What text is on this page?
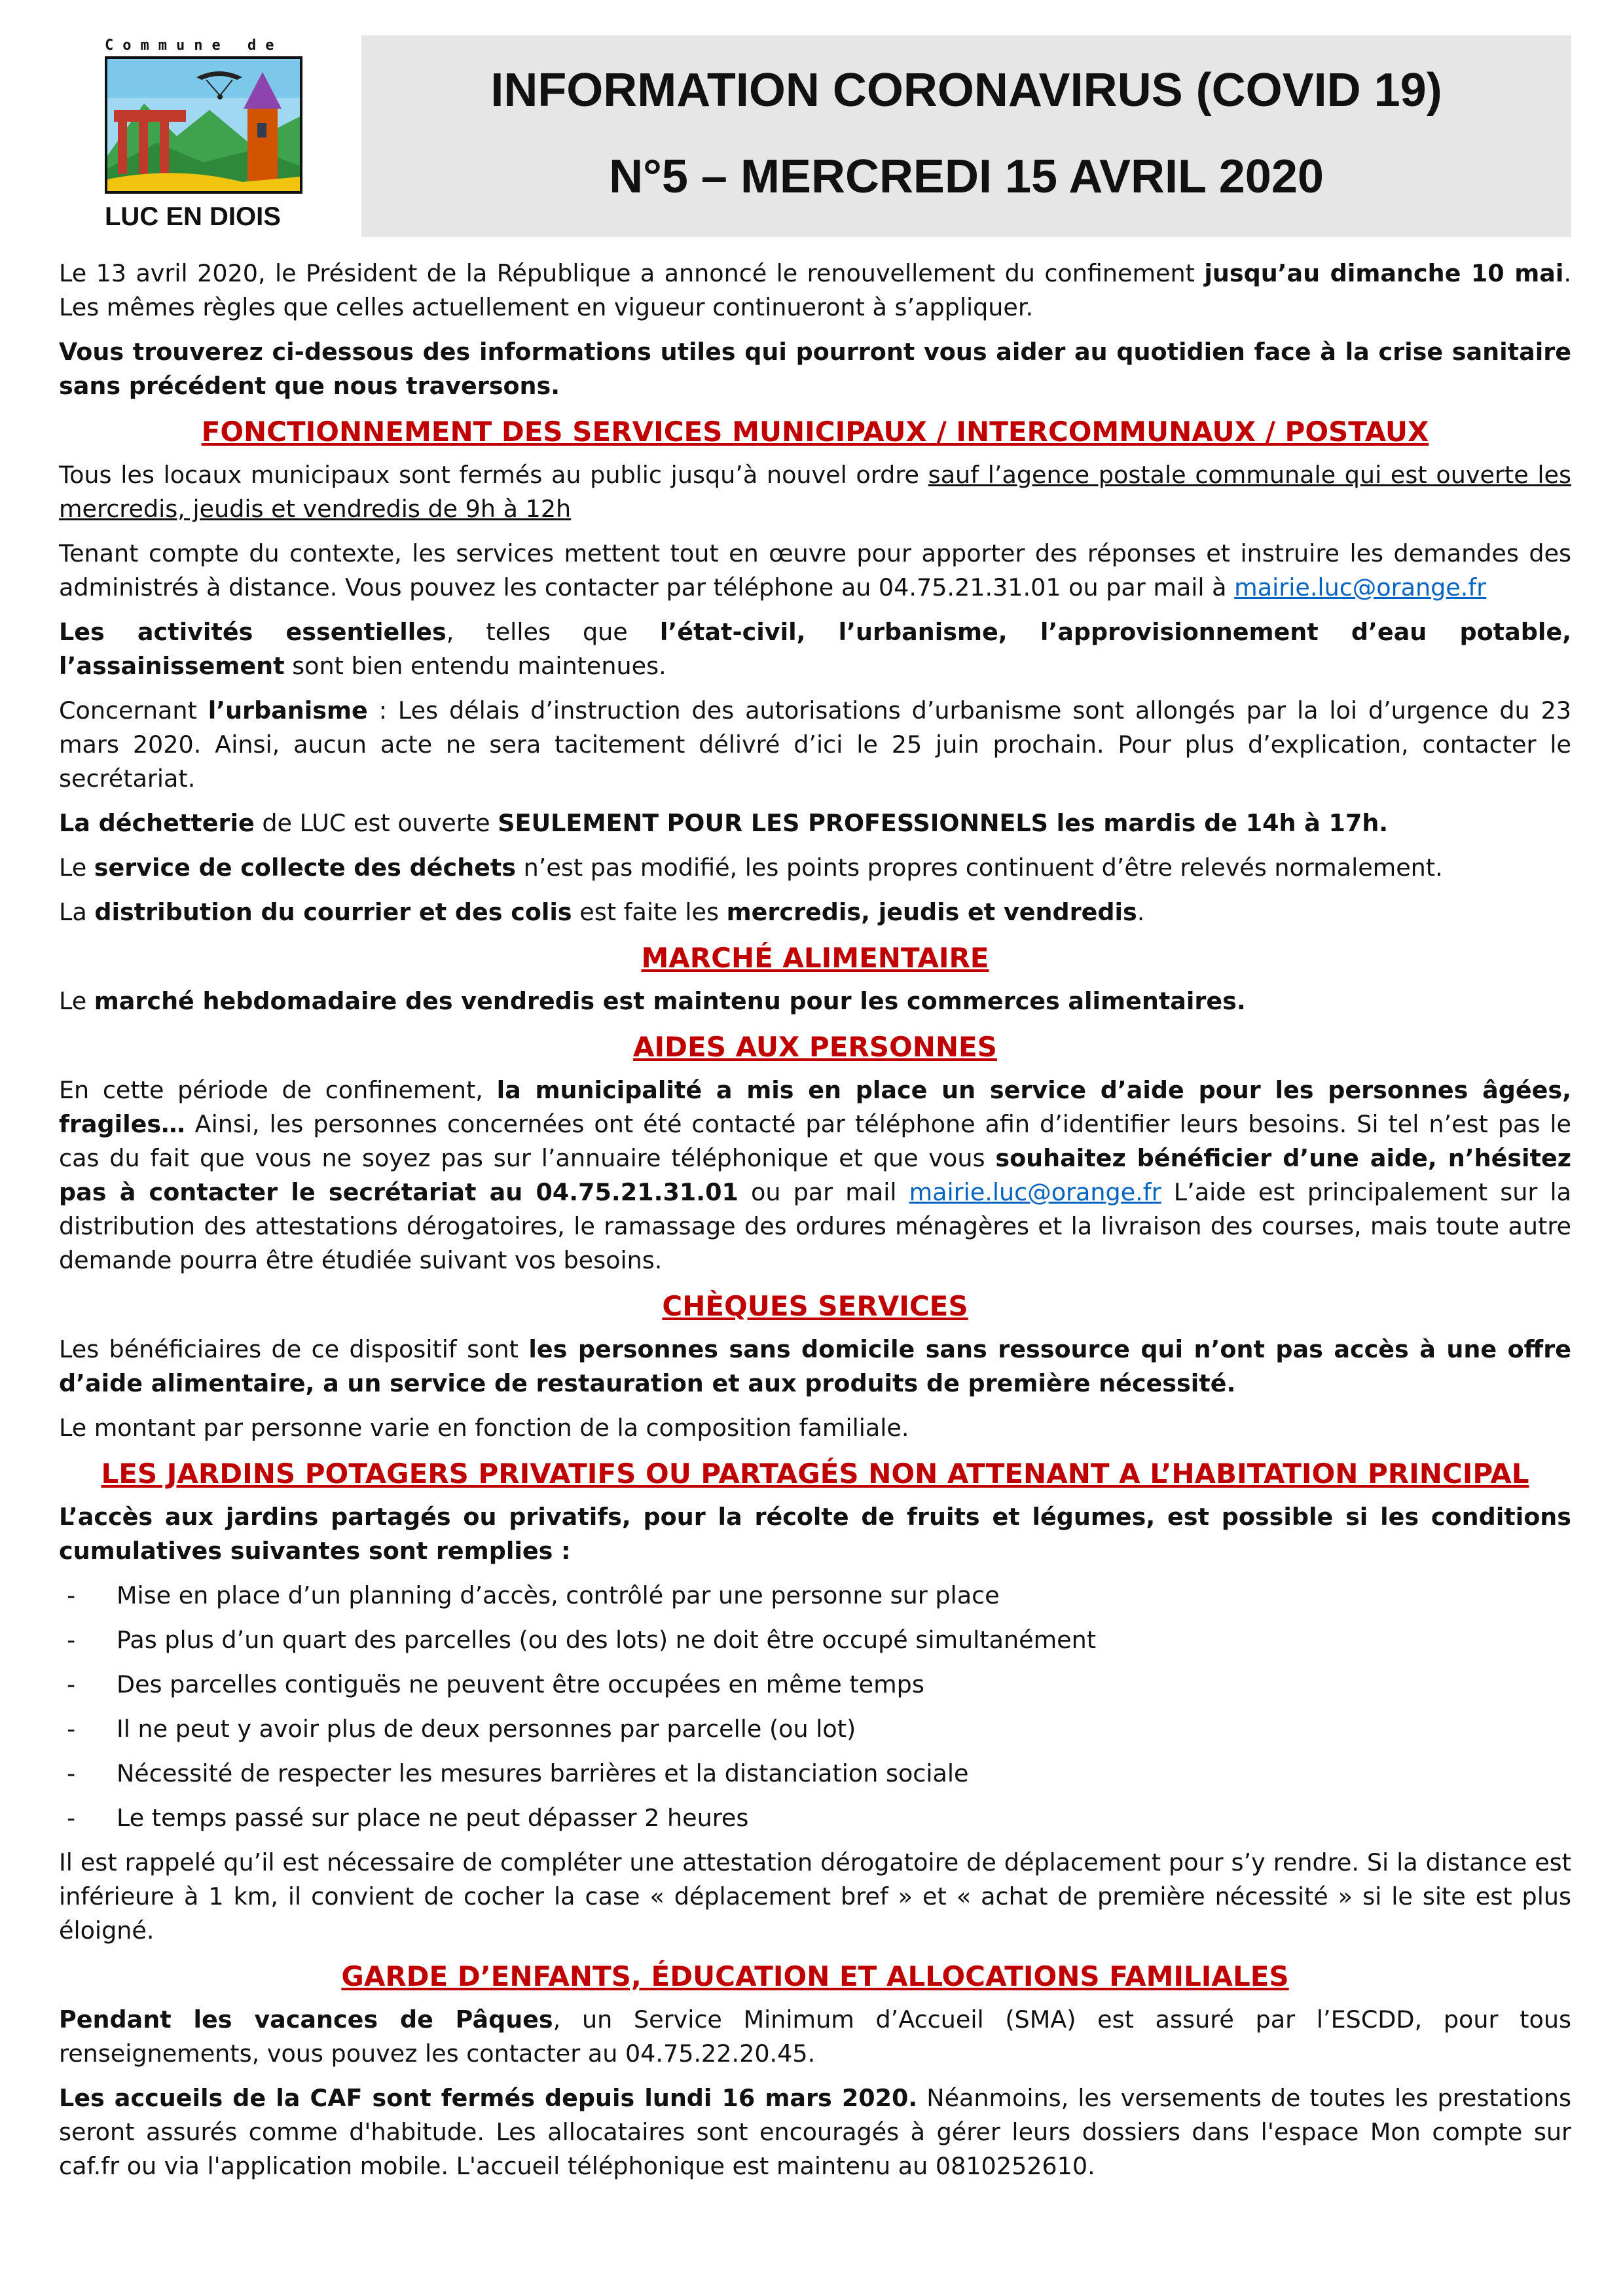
Commune de
LUC EN DIOIS
INFORMATION CORONAVIRUS (COVID 19)
N°5 – MERCREDI 15 AVRIL 2020

Le 13 avril 2020, le Président de la République a annoncé le renouvellement du confinement jusqu’au dimanche 10 mai. Les mêmes règles que celles actuellement en vigueur continueront à s’appliquer.

Vous trouverez ci-dessous des informations utiles qui pourront vous aider au quotidien face à la crise sanitaire sans précédent que nous traversons.

FONCTIONNEMENT DES SERVICES MUNICIPAUX / INTERCOMMUNAUX / POSTAUX

Tous les locaux municipaux sont fermés au public jusqu’à nouvel ordre sauf l’agence postale communale qui est ouverte les mercredis, jeudis et vendredis de 9h à 12h

Tenant compte du contexte, les services mettent tout en œuvre pour apporter des réponses et instruire les demandes des administrés à distance. Vous pouvez les contacter par téléphone au 04.75.21.31.01 ou par mail à mairie.luc@orange.fr

Les activités essentielles, telles que l’état-civil, l’urbanisme, l’approvisionnement d’eau potable, l’assainissement sont bien entendu maintenues.

Concernant l’urbanisme : Les délais d’instruction des autorisations d’urbanisme sont allongés par la loi d’urgence du 23 mars 2020. Ainsi, aucun acte ne sera tacitement délivré d’ici le 25 juin prochain. Pour plus d’explication, contacter le secrétariat.

La déchetterie de LUC est ouverte SEULEMENT POUR LES PROFESSIONNELS les mardis de 14h à 17h.

Le service de collecte des déchets n’est pas modifié, les points propres continuent d’être relevés normalement.

La distribution du courrier et des colis est faite les mercredis, jeudis et vendredis.

MARCHÉ ALIMENTAIRE

Le marché hebdomadaire des vendredis est maintenu pour les commerces alimentaires.

AIDES AUX PERSONNES

En cette période de confinement, la municipalité a mis en place un service d’aide pour les personnes âgées, fragiles… Ainsi, les personnes concernées ont été contacté par téléphone afin d’identifier leurs besoins. Si tel n’est pas le cas du fait que vous ne soyez pas sur l’annuaire téléphonique et que vous souhaitez bénéficier d’une aide, n’hésitez pas à contacter le secrétariat au 04.75.21.31.01 ou par mail mairie.luc@orange.fr L’aide est principalement sur la distribution des attestations dérogatoires, le ramassage des ordures ménagères et la livraison des courses, mais toute autre demande pourra être étudiée suivant vos besoins.

CHÈQUES SERVICES

Les bénéficiaires de ce dispositif sont les personnes sans domicile sans ressource qui n’ont pas accès à une offre d’aide alimentaire, a un service de restauration et aux produits de première nécessité.

Le montant par personne varie en fonction de la composition familiale.

LES JARDINS POTAGERS PRIVATIFS OU PARTAGÉS NON ATTENANT A L’HABITATION PRINCIPAL

L’accès aux jardins partagés ou privatifs, pour la récolte de fruits et légumes, est possible si les conditions cumulatives suivantes sont remplies :

- Mise en place d’un planning d’accès, contrôlé par une personne sur place
- Pas plus d’un quart des parcelles (ou des lots) ne doit être occupé simultanément
- Des parcelles contiguës ne peuvent être occupées en même temps
- Il ne peut y avoir plus de deux personnes par parcelle (ou lot)
- Nécessité de respecter les mesures barrières et la distanciation sociale
- Le temps passé sur place ne peut dépasser 2 heures

Il est rappelé qu’il est nécessaire de compléter une attestation dérogatoire de déplacement pour s’y rendre. Si la distance est inférieure à 1 km, il convient de cocher la case « déplacement bref » et « achat de première nécessité » si le site est plus éloigné.

GARDE D’ENFANTS, ÉDUCATION ET ALLOCATIONS FAMILIALES

Pendant les vacances de Pâques, un Service Minimum d’Accueil (SMA) est assuré par l’ESCDD, pour tous renseignements, vous pouvez les contacter au 04.75.22.20.45.

Les accueils de la CAF sont fermés depuis lundi 16 mars 2020. Néanmoins, les versements de toutes les prestations seront assurés comme d'habitude. Les allocataires sont encouragés à gérer leurs dossiers dans l'espace Mon compte sur caf.fr ou via l'application mobile. L'accueil téléphonique est maintenu au 0810252610.
